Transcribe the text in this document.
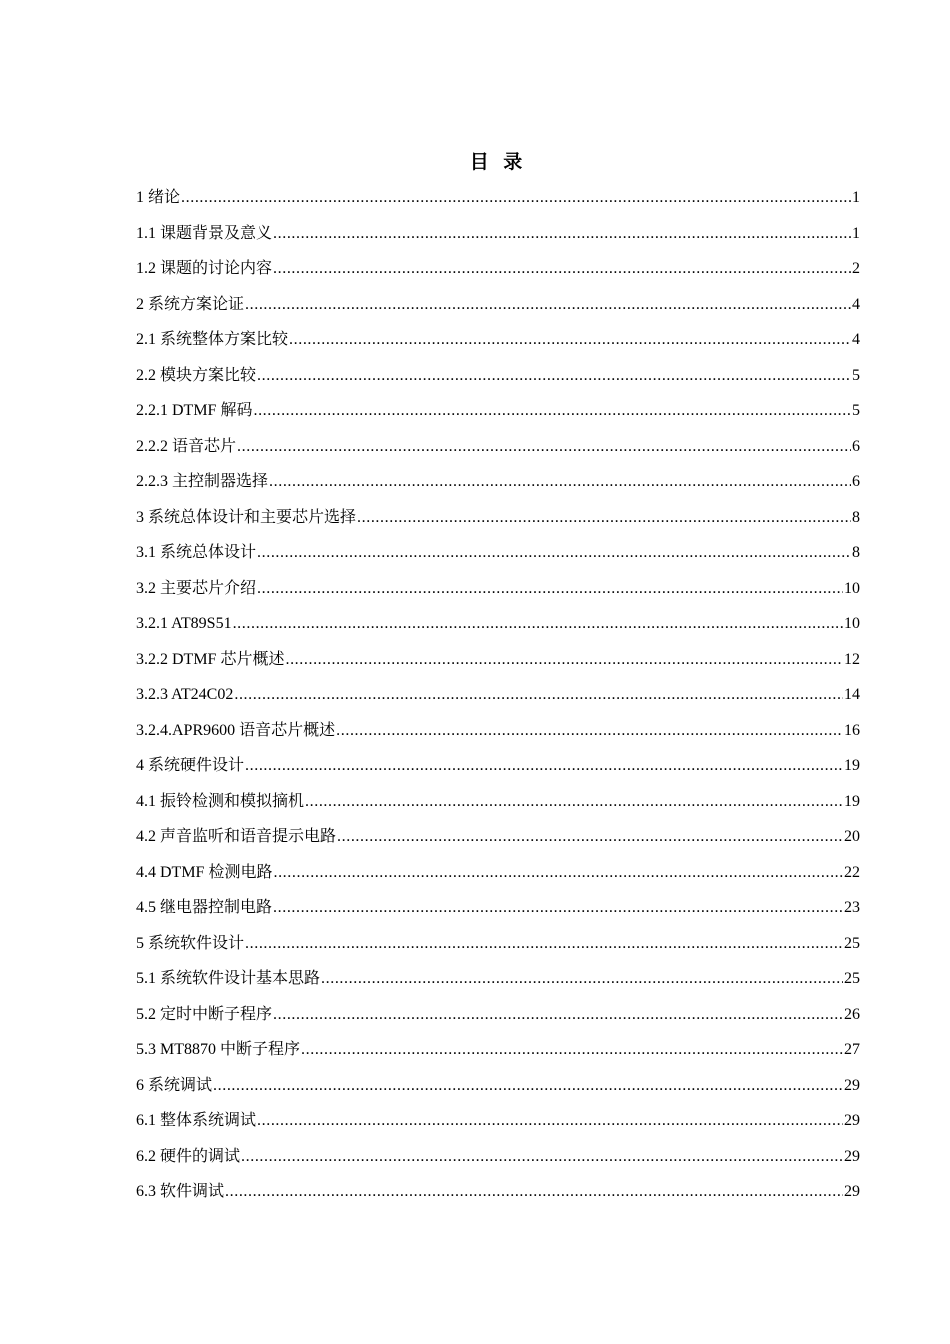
目 录
1 绪论 .....	1
1.1 课题背景及意义 .....	1
1.2 课题的讨论内容 .....	2
2 系统方案论证 .....	4
2.1 系统整体方案比较 .....	4
2.2 模块方案比较 .....	5
2.2.1 DTMF 解码 .....	5
2.2.2 语音芯片 .....	6
2.2.3 主控制器选择 .....	6
3 系统总体设计和主要芯片选择 .....	8
3.1 系统总体设计 .....	8
3.2 主要芯片介绍 .....	10
3.2.1 AT89S51 .....	10
3.2.2 DTMF 芯片概述 .....	12
3.2.3 AT24C02 .....	14
3.2.4.APR9600 语音芯片概述 .....	16
4 系统硬件设计 .....	19
4.1 振铃检测和模拟摘机 .....	19
4.2 声音监听和语音提示电路 .....	20
4.4 DTMF 检测电路 .....	22
4.5 继电器控制电路 .....	23
5 系统软件设计 .....	25
5.1 系统软件设计基本思路 .....	25
5.2 定时中断子程序 .....	26
5.3 MT8870 中断子程序 .....	27
6 系统调试 .....	29
6.1 整体系统调试 .....	29
6.2 硬件的调试 .....	29
6.3 软件调试 .....	29
